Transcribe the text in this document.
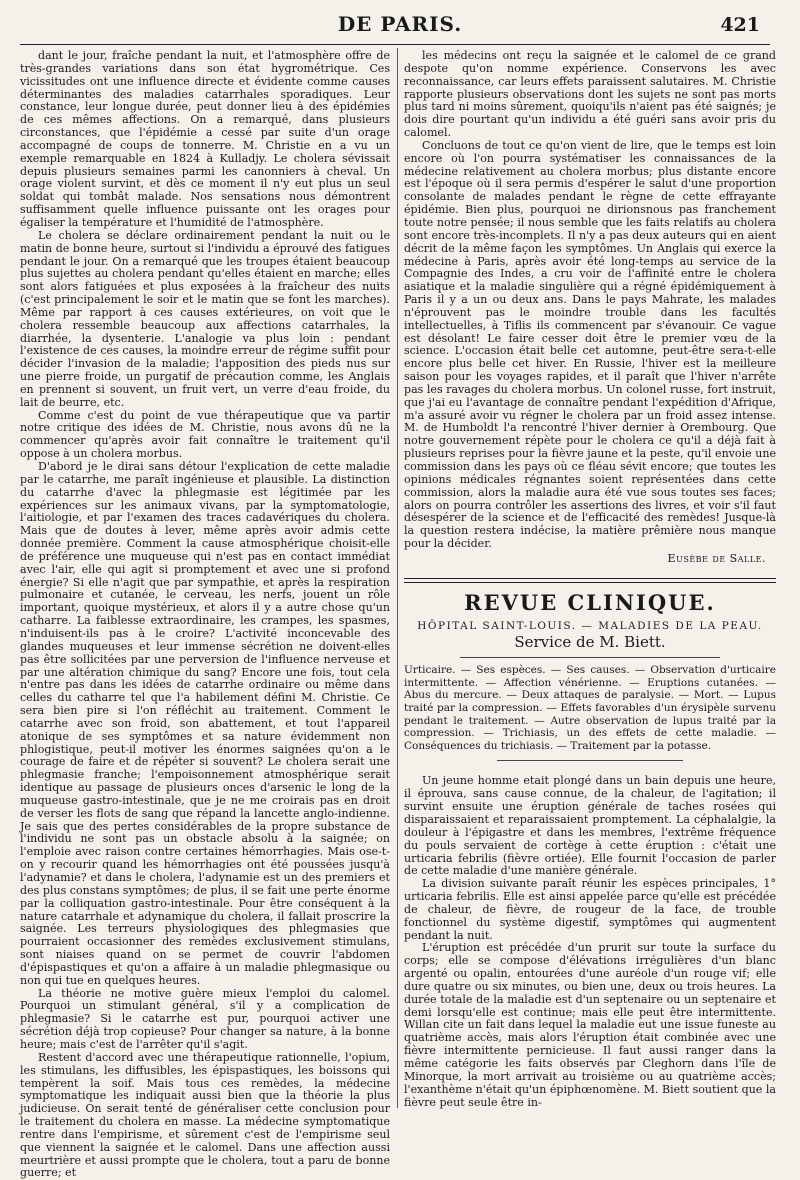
DE PARIS.	421

dant le jour, fraîche pendant la nuit, et l'atmosphère offre de très-grandes variations dans son état hygrométrique. Ces vicissitudes ont une influence directe et évidente comme causes déterminantes des maladies catarrhales sporadiques. Leur constance, leur longue durée, peut donner lieu à des épidémies de ces mêmes affections. On a remarqué, dans plusieurs circonstances, que l'épidémie a cessé par suite d'un orage accompagné de coups de tonnerre. M. Christie en a vu un exemple remarquable en 1824 à Kulladjy. Le cholera sévissait depuis plusieurs semaines parmi les canonniers à cheval. Un orage violent survint, et dès ce moment il n'y eut plus un seul soldat qui tombât malade. Nos sensations nous démontrent suffisamment quelle influence puissante ont les orages pour égaliser la température et l'humidité de l'atmosphère.

Le cholera se déclare ordinairement pendant la nuit ou le matin de bonne heure, surtout si l'individu a éprouvé des fatigues pendant le jour. On a remarqué que les troupes étaient beaucoup plus sujettes au cholera pendant qu'elles étaient en marche; elles sont alors fatiguées et plus exposées à la fraîcheur des nuits (c'est principalement le soir et le matin que se font les marches). Même par rapport à ces causes extérieures, on voit que le cholera ressemble beaucoup aux affections catarrhales, la diarrhée, la dysenterie. L'analogie va plus loin : pendant l'existence de ces causes, la moindre erreur de régime suffit pour décider l'invasion de la maladie; l'apposition des pieds nus sur une pierre froide, un purgatif de précaution comme, les Anglais en prennent si souvent, un fruit vert, un verre d'eau froide, du lait de beurre, etc.

Comme c'est du point de vue thérapeutique que va partir notre critique des idées de M. Christie, nous avons dû ne la commencer qu'après avoir fait connaître le traitement qu'il oppose à un cholera morbus.

D'abord je le dirai sans détour l'explication de cette maladie par le catarrhe, me paraît ingénieuse et plausible. La distinction du catarrhe d'avec la phlegmasie est légitimée par les expériences sur les animaux vivans, par la symptomatologie, l'aitiologie, et par l'examen des traces cadavériques du cholera. Mais que de doutes à lever, même après avoir admis cette donnée première. Comment la cause atmosphérique choisit-elle de préférence une muqueuse qui n'est pas en contact immédiat avec l'air, elle qui agit si promptement et avec une si profond énergie? Si elle n'agit que par sympathie, et après la respiration pulmonaire et cutanée, le cerveau, les nerfs, jouent un rôle important, quoique mystérieux, et alors il y a autre chose qu'un catharre. La faiblesse extraordinaire, les crampes, les spasmes, n'induisent-ils pas à le croire? L'activité inconcevable des glandes muqueuses et leur immense sécrétion ne doivent-elles pas être sollicitées par une perversion de l'influence nerveuse et par une altération chimique du sang? Encore une fois, tout cela n'entre pas dans les idées de catarrhe ordinaire ou même dans celles du catharre tel que l'a habilement défini M. Christie. Ce sera bien pire si l'on réfléchit au traitement. Comment le catarrhe avec son froid, son abattement, et tout l'appareil atonique de ses symptômes et sa nature évidemment non phlogistique, peut-il motiver les énormes saignées qu'on a le courage de faire et de répéter si souvent? Le cholera serait une phlegmasie franche; l'empoisonnement atmosphérique serait identique au passage de plusieurs onces d'arsenic le long de la muqueuse gastro-intestinale, que je ne me croirais pas en droit de verser les flots de sang que répand la lancette anglo-indienne. Je sais que des pertes considérables de la propre substance de l'individu ne sont pas un obstacle absolu à la saignée; on l'emploie avec raison contre certaines hémorrhagies. Mais ose-t-on y recourir quand les hémorrhagies ont été poussées jusqu'à l'adynamie? et dans le cholera, l'adynamie est un des premiers et des plus constans symptômes; de plus, il se fait une perte énorme par la colliquation gastro-intestinale. Pour être conséquent à la nature catarrhale et adynamique du cholera, il fallait proscrire la saignée. Les terreurs physiologiques des phlegmasies que pourraient occasionner des remèdes exclusivement stimulans, sont niaises quand on se permet de couvrir l'abdomen d'épispastiques et qu'on a affaire à un maladie phlegmasique ou non qui tue en quelques heures.

La théorie ne motive guère mieux l'emploi du calomel. Pourquoi un stimulant général, s'il y a complication de phlegmasie? Si le catarrhe est pur, pourquoi activer une sécrétion déjà trop copieuse? Pour changer sa nature, à la bonne heure; mais c'est de l'arrêter qu'il s'agit.

Restent d'accord avec une thérapeutique rationnelle, l'opium, les stimulans, les diffusibles, les épispastiques, les boissons qui tempèrent la soif. Mais tous ces remèdes, la médecine symptomatique les indiquait aussi bien que la théorie la plus judicieuse. On serait tenté de généraliser cette conclusion pour le traitement du cholera en masse. La médecine symptomatique rentre dans l'empirisme, et sûrement c'est de l'empirisme seul que viennent la saignée et le calomel. Dans une affection aussi meurtrière et aussi prompte que le cholera, tout a paru de bonne guerre; et

les médecins ont reçu la saignée et le calomel de ce grand despote qu'on nomme expérience. Conservons les avec reconnaissance, car leurs effets paraissent salutaires. M. Christie rapporte plusieurs observations dont les sujets ne sont pas morts plus tard ni moins sûrement, quoiqu'ils n'aient pas été saignés; je dois dire pourtant qu'un individu a été guéri sans avoir pris du calomel.

Concluons de tout ce qu'on vient de lire, que le temps est loin encore où l'on pourra systématiser les connaissances de la médecine relativement au cholera morbus; plus distante encore est l'époque où il sera permis d'espérer le salut d'une proportion consolante de malades pendant le règne de cette effrayante épidémie. Bien plus, pourquoi ne dirionsnous pas franchement toute notre pensée; il nous semble que les faits relatifs au cholera sont encore très-incomplets. Il n'y a pas deux auteurs qui en aient décrit de la même façon les symptômes. Un Anglais qui exerce la médecine à Paris, après avoir été long-temps au service de la Compagnie des Indes, a cru voir de l'affinité entre le cholera asiatique et la maladie singulière qui a régné épidémiquement à Paris il y a un ou deux ans. Dans le pays Mahrate, les malades n'éprouvent pas le moindre trouble dans les facultés intellectuelles, à Tiflis ils commencent par s'évanouir. Ce vague est désolant! Le faire cesser doit être le premier vœu de la science. L'occasion était belle cet automne, peut-être sera-t-elle encore plus belle cet hiver. En Russie, l'hiver est la meilleure saison pour les voyages rapides, et il paraît que l'hiver n'arrête pas les ravages du cholera morbus. Un colonel russe, fort instruit, que j'ai eu l'avantage de connaître pendant l'expédition d'Afrique, m'a assuré avoir vu régner le cholera par un froid assez intense. M. de Humboldt l'a rencontré l'hiver dernier à Orembourg. Que notre gouvernement répète pour le cholera ce qu'il a déjà fait à plusieurs reprises pour la fièvre jaune et la peste, qu'il envoie une commission dans les pays où ce fléau sévit encore; que toutes les opinions médicales régnantes soient représentées dans cette commission, alors la maladie aura été vue sous toutes ses faces; alors on pourra contrôler les assertions des livres, et voir s'il faut désespérer de la science et de l'efficacité des remèdes! Jusque-là la question restera indécise, la matière prêmière nous manque pour la décider.

Eusèbe de Salle.

REVUE CLINIQUE.
HÔPITAL SAINT-LOUIS. — MALADIES DE LA PEAU.
Service de M. Biett.

Urticaire. — Ses espèces. — Ses causes. — Observation d'urticaire intermittente. — Affection vénérienne. — Eruptions cutanées. — Abus du mercure. — Deux attaques de paralysie. — Mort. — Lupus traité par la compression. — Effets favorables d'un érysipèle survenu pendant le traitement. — Autre observation de lupus traité par la compression. — Trichiasis, un des effets de cette maladie. — Conséquences du trichiasis. — Traitement par la potasse.

Un jeune homme etait plongé dans un bain depuis une heure, il éprouva, sans cause connue, de la chaleur, de l'agitation; il survint ensuite une éruption générale de taches rosées qui disparaissaient et reparaissaient promptement. La céphalalgie, la douleur à l'épigastre et dans les membres, l'extrême fréquence du pouls servaient de cortège à cette éruption : c'était une urticaria febrilis (fièvre ortiée). Elle fournit l'occasion de parler de cette maladie d'une manière générale.

La division suivante paraît réunir les espèces principales, 1° urticaria febrilis. Elle est ainsi appelée parce qu'elle est précédée de chaleur, de fièvre, de rougeur de la face, de trouble fonctionnel du système digestif, symptômes qui augmentent pendant la nuit.

L'éruption est précédée d'un prurit sur toute la surface du corps; elle se compose d'élévations irrégulières d'un blanc argenté ou opalin, entourées d'une auréole d'un rouge vif; elle dure quatre ou six minutes, ou bien une, deux ou trois heures. La durée totale de la maladie est d'un septenaire ou un septenaire et demi lorsqu'elle est continue; mais elle peut être intermittente. Willan cite un fait dans lequel la maladie eut une issue funeste au quatrième accès, mais alors l'éruption était combinée avec une fièvre intermittente pernicieuse. Il faut aussi ranger dans la même catégorie les faits observés par Cleghorn dans l'île de Minorque, la mort arrivait au troisième ou au quatrième accès; l'exanthème n'était qu'un épiphœnomène. M. Biett soutient que la fièvre peut seule être in-
